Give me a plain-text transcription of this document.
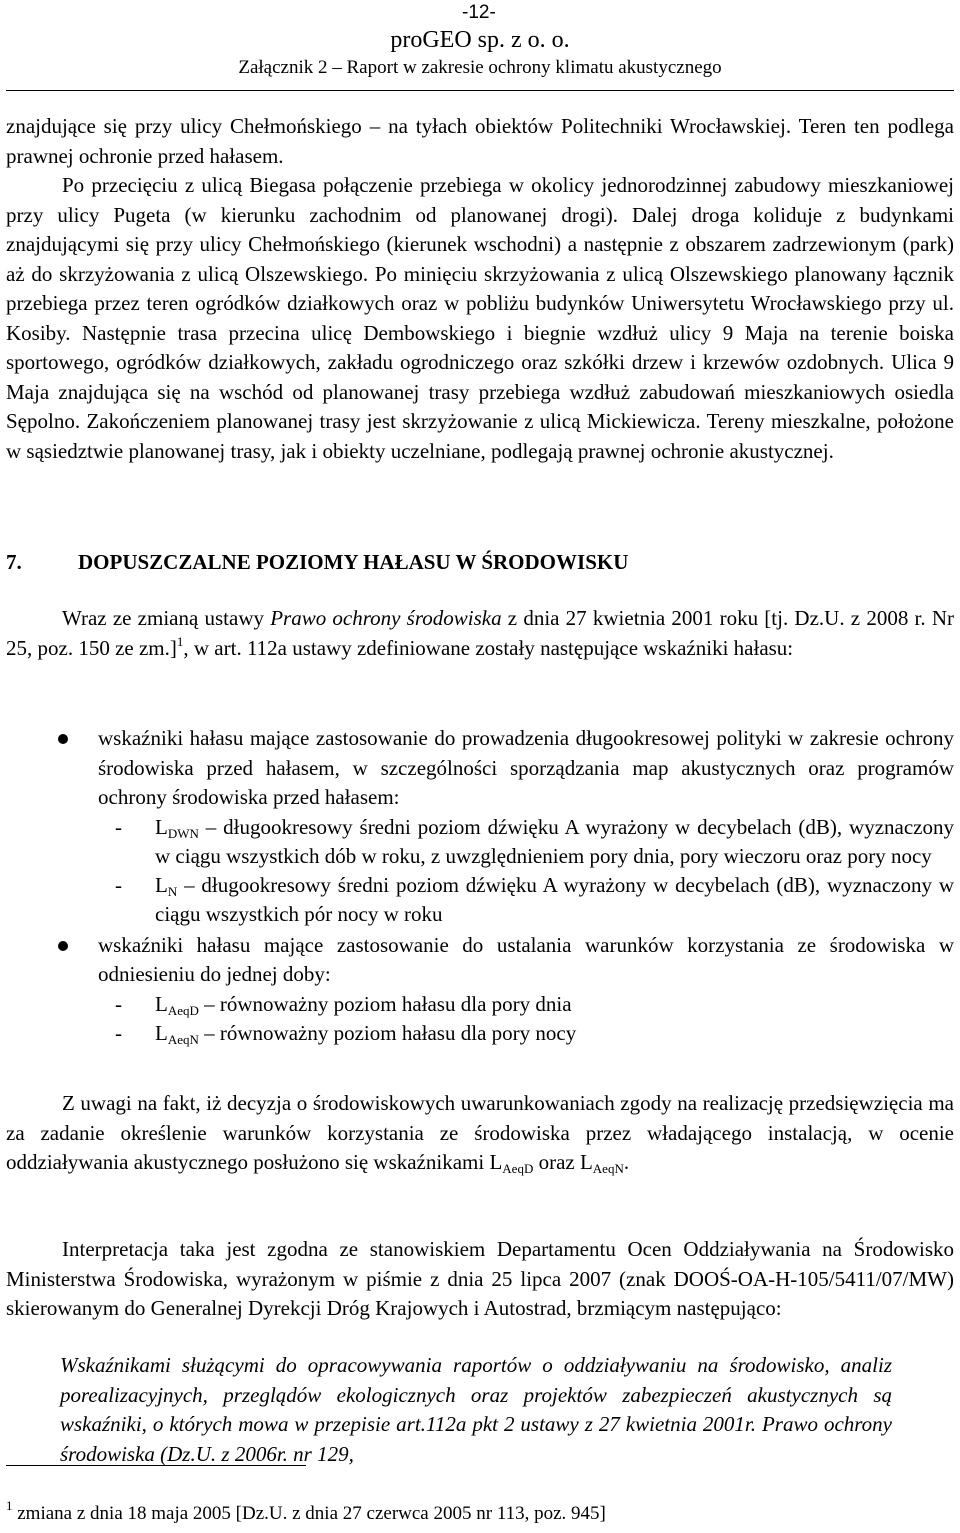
-12-
proGEO sp. z o. o.
Załącznik 2 – Raport w zakresie ochrony klimatu akustycznego

znajdujące się przy ulicy Chełmońskiego – na tyłach obiektów Politechniki Wrocławskiej. Teren ten podlega prawnej ochronie przed hałasem.

Po przecięciu z ulicą Biegasa połączenie przebiega w okolicy jednorodzinnej zabudowy mieszkaniowej przy ulicy Pugeta (w kierunku zachodnim od planowanej drogi). Dalej droga koliduje z budynkami znajdującymi się przy ulicy Chełmońskiego (kierunek wschodni) a następnie z obszarem zadrzewionym (park) aż do skrzyżowania z ulicą Olszewskiego. Po minięciu skrzyżowania z ulicą Olszewskiego planowany łącznik przebiega przez teren ogródków działkowych oraz w pobliżu budynków Uniwersytetu Wrocławskiego przy ul. Kosiby. Następnie trasa przecina ulicę Dembowskiego i biegnie wzdłuż ulicy 9 Maja na terenie boiska sportowego, ogródków działkowych, zakładu ogrodniczego oraz szkółki drzew i krzewów ozdobnych. Ulica 9 Maja znajdująca się na wschód od planowanej trasy przebiega wzdłuż zabudowań mieszkaniowych osiedla Sępolno. Zakończeniem planowanej trasy jest skrzyżowanie z ulicą Mickiewicza. Tereny mieszkalne, położone w sąsiedztwie planowanej trasy, jak i obiekty uczelniane, podlegają prawnej ochronie akustycznej.

7.	DOPUSZCZALNE POZIOMY HAŁASU W ŚRODOWISKU

Wraz ze zmianą ustawy Prawo ochrony środowiska z dnia 27 kwietnia 2001 roku [tj. Dz.U. z 2008 r. Nr 25, poz. 150 ze zm.]$^1$, w art. 112a ustawy zdefiniowane zostały następujące wskaźniki hałasu:

wskaźniki hałasu mające zastosowanie do prowadzenia długookresowej polityki w zakresie ochrony środowiska przed hałasem, w szczególności sporządzania map akustycznych oraz programów ochrony środowiska przed hałasem:
- $L_{DWN}$ – długookresowy średni poziom dźwięku A wyrażony w decybelach (dB), wyznaczony w ciągu wszystkich dób w roku, z uwzględnieniem pory dnia, pory wieczoru oraz pory nocy
- $L_N$ – długookresowy średni poziom dźwięku A wyrażony w decybelach (dB), wyznaczony w ciągu wszystkich pór nocy w roku
wskaźniki hałasu mające zastosowanie do ustalania warunków korzystania ze środowiska w odniesieniu do jednej doby:
- $L_{AeqD}$ – równoważny poziom hałasu dla pory dnia
- $L_{AeqN}$ – równoważny poziom hałasu dla pory nocy

Z uwagi na fakt, iż decyzja o środowiskowych uwarunkowaniach zgody na realizację przedsięwzięcia ma za zadanie określenie warunków korzystania ze środowiska przez władającego instalacją, w ocenie oddziaływania akustycznego posłużono się wskaźnikami $L_{AeqD}$ oraz $L_{AeqN}$.

Interpretacja taka jest zgodna ze stanowiskiem Departamentu Ocen Oddziaływania na Środowisko Ministerstwa Środowiska, wyrażonym w piśmie z dnia 25 lipca 2007 (znak DOOŚ-OA-H-105/5411/07/MW) skierowanym do Generalnej Dyrekcji Dróg Krajowych i Autostrad, brzmiącym następująco:

Wskaźnikami służącymi do opracowywania raportów o oddziaływaniu na środowisko, analiz porealizacyjnych, przeglądów ekologicznych oraz projektów zabezpieczeń akustycznych są wskaźniki, o których mowa w przepisie art.112a pkt 2 ustawy z 27 kwietnia 2001r. Prawo ochrony środowiska (Dz.U. z 2006r. nr 129,

$^1$ zmiana z dnia 18 maja 2005 [Dz.U. z dnia 27 czerwca 2005 nr 113, poz. 945]
